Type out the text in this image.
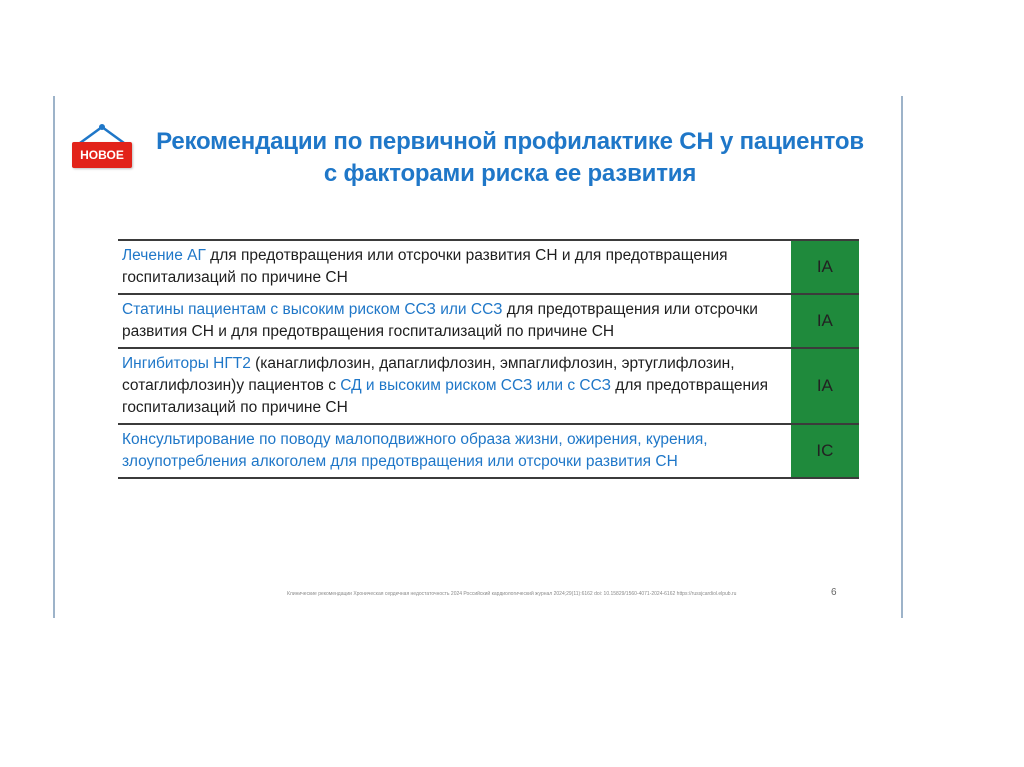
НОВОЕ	Рекомендации по первичной профилактике СН у пациентов
с факторами риска ее развития
Лечение АГ для предотвращения или отсрочки развития СН и для предотвращения госпитализаций по причине СН	IA
Статины пациентам с высоким риском ССЗ или ССЗ для предотвращения или отсрочки развития СН и для предотвращения госпитализаций по причине СН	IA
Ингибиторы НГТ2 (канаглифлозин, дапаглифлозин, эмпаглифлозин, эртуглифлозин, сотаглифлозин)у пациентов с СД и высоким риском ССЗ или с ССЗ для предотвращения госпитализаций по причине СН	IA
Консультирование по поводу малоподвижного образа жизни, ожирения, курения, злоупотребления алкоголем для предотвращения или отсрочки развития СН	IC
Клинические рекомендации Хроническая сердечная недостаточность 2024 Российский кардиологический журнал 2024;29(11):6162 doi: 10.15829/1560-4071-2024-6162 https://russjcardiol.elpub.ru	6
